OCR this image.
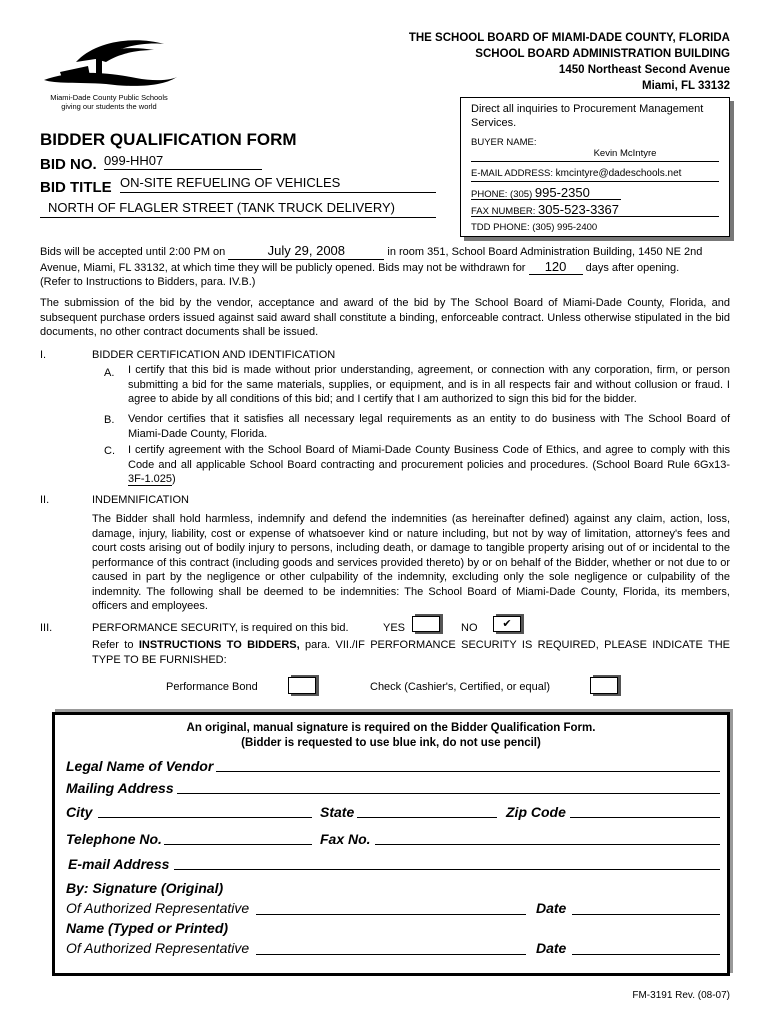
Miami-Dade County Public Schools
giving our students the world
THE SCHOOL BOARD OF MIAMI-DADE COUNTY, FLORIDA
SCHOOL BOARD ADMINISTRATION BUILDING
1450 Northeast Second Avenue
Miami, FL 33132
BIDDER QUALIFICATION FORM
BID NO. 099-HH07
BID TITLE ON-SITE REFUELING OF VEHICLES
NORTH OF FLAGLER STREET (TANK TRUCK DELIVERY)
Direct all inquiries to Procurement Management Services.
BUYER NAME:
Kevin McIntyre
E-MAIL ADDRESS: kmcintyre@dadeschools.net
PHONE: (305) 995-2350
FAX NUMBER: 305-523-3367
TDD PHONE: (305) 995-2400
Bids will be accepted until 2:00 PM on	July 29, 2008	in room 351, School Board Administration Building, 1450 NE 2nd
Avenue, Miami, FL 33132, at which time they will be publicly opened. Bids may not be withdrawn for 120 days after opening.
(Refer to Instructions to Bidders, para. IV.B.)
The submission of the bid by the vendor, acceptance and award of the bid by The School Board of Miami-Dade County, Florida, and subsequent purchase orders issued against said award shall constitute a binding, enforceable contract. Unless otherwise stipulated in the bid documents, no other contract documents shall be issued.
I.	BIDDER CERTIFICATION AND IDENTIFICATION
A. I certify that this bid is made without prior understanding, agreement, or connection with any corporation, firm, or person submitting a bid for the same materials, supplies, or equipment, and is in all respects fair and without collusion or fraud. I agree to abide by all conditions of this bid; and I certify that I am authorized to sign this bid for the bidder.
B. Vendor certifies that it satisfies all necessary legal requirements as an entity to do business with The School Board of Miami-Dade County, Florida.
C. I certify agreement with the School Board of Miami-Dade County Business Code of Ethics, and agree to comply with this Code and all applicable School Board contracting and procurement policies and procedures. (School Board Rule 6Gx13-3F-1.025)
II.	INDEMNIFICATION
The Bidder shall hold harmless, indemnify and defend the indemnities (as hereinafter defined) against any claim, action, loss, damage, injury, liability, cost or expense of whatsoever kind or nature including, but not by way of limitation, attorney's fees and court costs arising out of bodily injury to persons, including death, or damage to tangible property arising out of or incidental to the performance of this contract (including goods and services provided thereto) by or on behalf of the Bidder, whether or not due to or caused in part by the negligence or other culpability of the indemnity, excluding only the sole negligence or culpability of the indemnity. The following shall be deemed to be indemnities: The School Board of Miami-Dade County, Florida, its members, officers and employees.
III.	PERFORMANCE SECURITY, is required on this bid.	YES	NO	✔
Refer to INSTRUCTIONS TO BIDDERS, para. VII./IF PERFORMANCE SECURITY IS REQUIRED, PLEASE INDICATE THE TYPE TO BE FURNISHED:
Performance Bond	Check (Cashier's, Certified, or equal)
An original, manual signature is required on the Bidder Qualification Form.
(Bidder is requested to use blue ink, do not use pencil)
Legal Name of Vendor
Mailing Address
City	State	Zip Code
Telephone No.	Fax No.
E-mail Address
By: Signature (Original)
Of Authorized Representative	Date
Name (Typed or Printed)
Of Authorized Representative	Date
FM-3191 Rev. (08-07)
